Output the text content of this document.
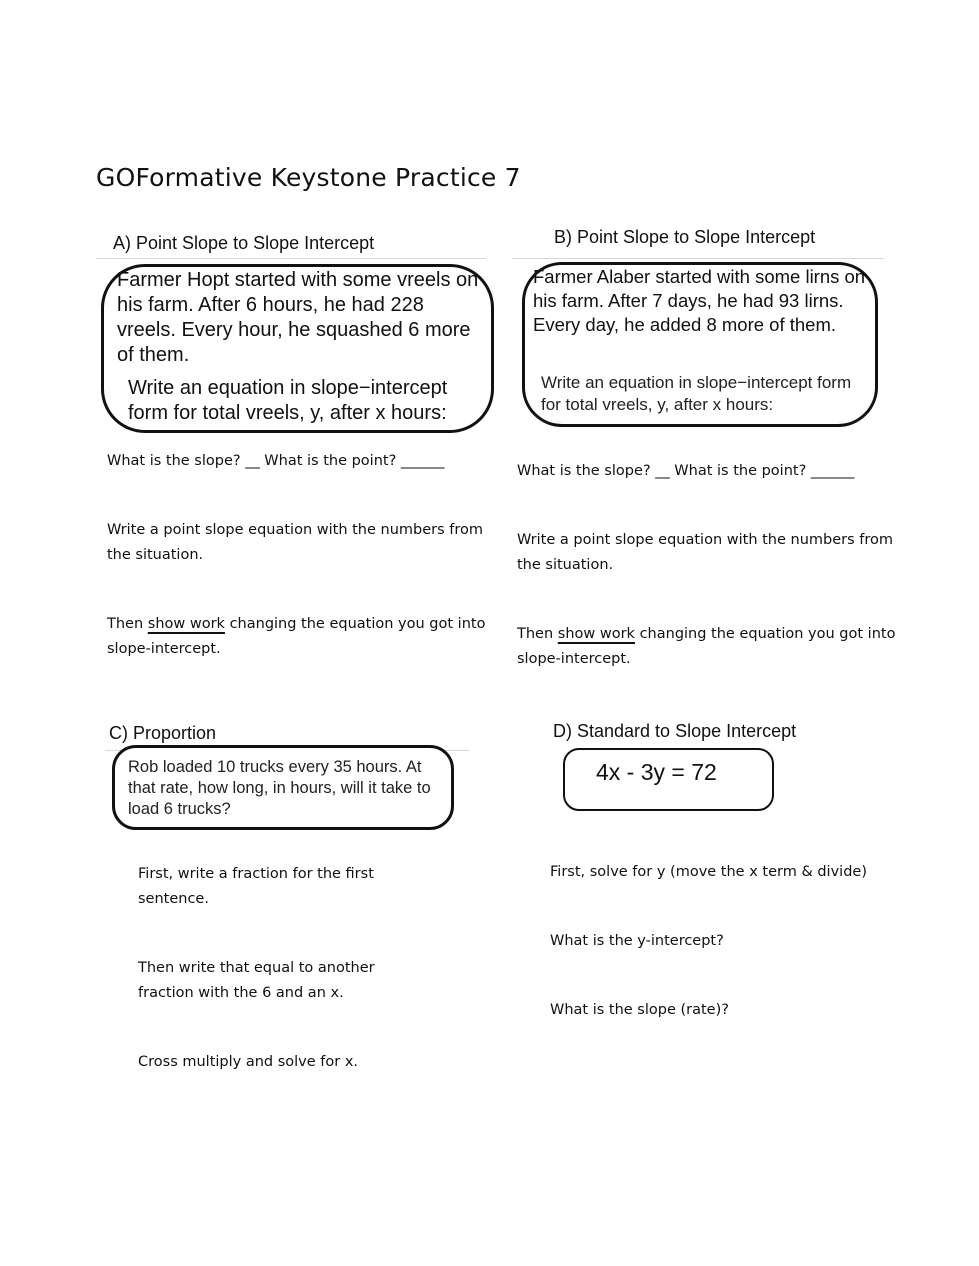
GOFormative Keystone Practice 7
A) Point Slope to Slope Intercept
Farmer Hopt started with some vreels on his farm. After 6 hours, he had 228 vreels. Every hour, he squashed 6 more of them.
Write an equation in slope−intercept form for total vreels, y, after x hours:
What is the slope? __ What is the point? ______
Write a point slope equation with the numbers from the situation.
Then show work changing the equation you got into slope-intercept.
B) Point Slope to Slope Intercept
Farmer Alaber started with some lirns on his farm. After 7 days, he had 93 lirns. Every day, he added 8 more of them.
Write an equation in slope−intercept form for total vreels, y, after x hours:
What is the slope? __ What is the point? ______
Write a point slope equation with the numbers from the situation.
Then show work changing the equation you got into slope-intercept.
C) Proportion
Rob loaded 10 trucks every 35 hours. At that rate, how long, in hours, will it take to load 6 trucks?
First, write a fraction for the first sentence.
Then write that equal to another fraction with the 6 and an x.
Cross multiply and solve for x.
D) Standard to Slope Intercept
4x - 3y = 72
First, solve for y (move the x term & divide)
What is the y-intercept?
What is the slope (rate)?
